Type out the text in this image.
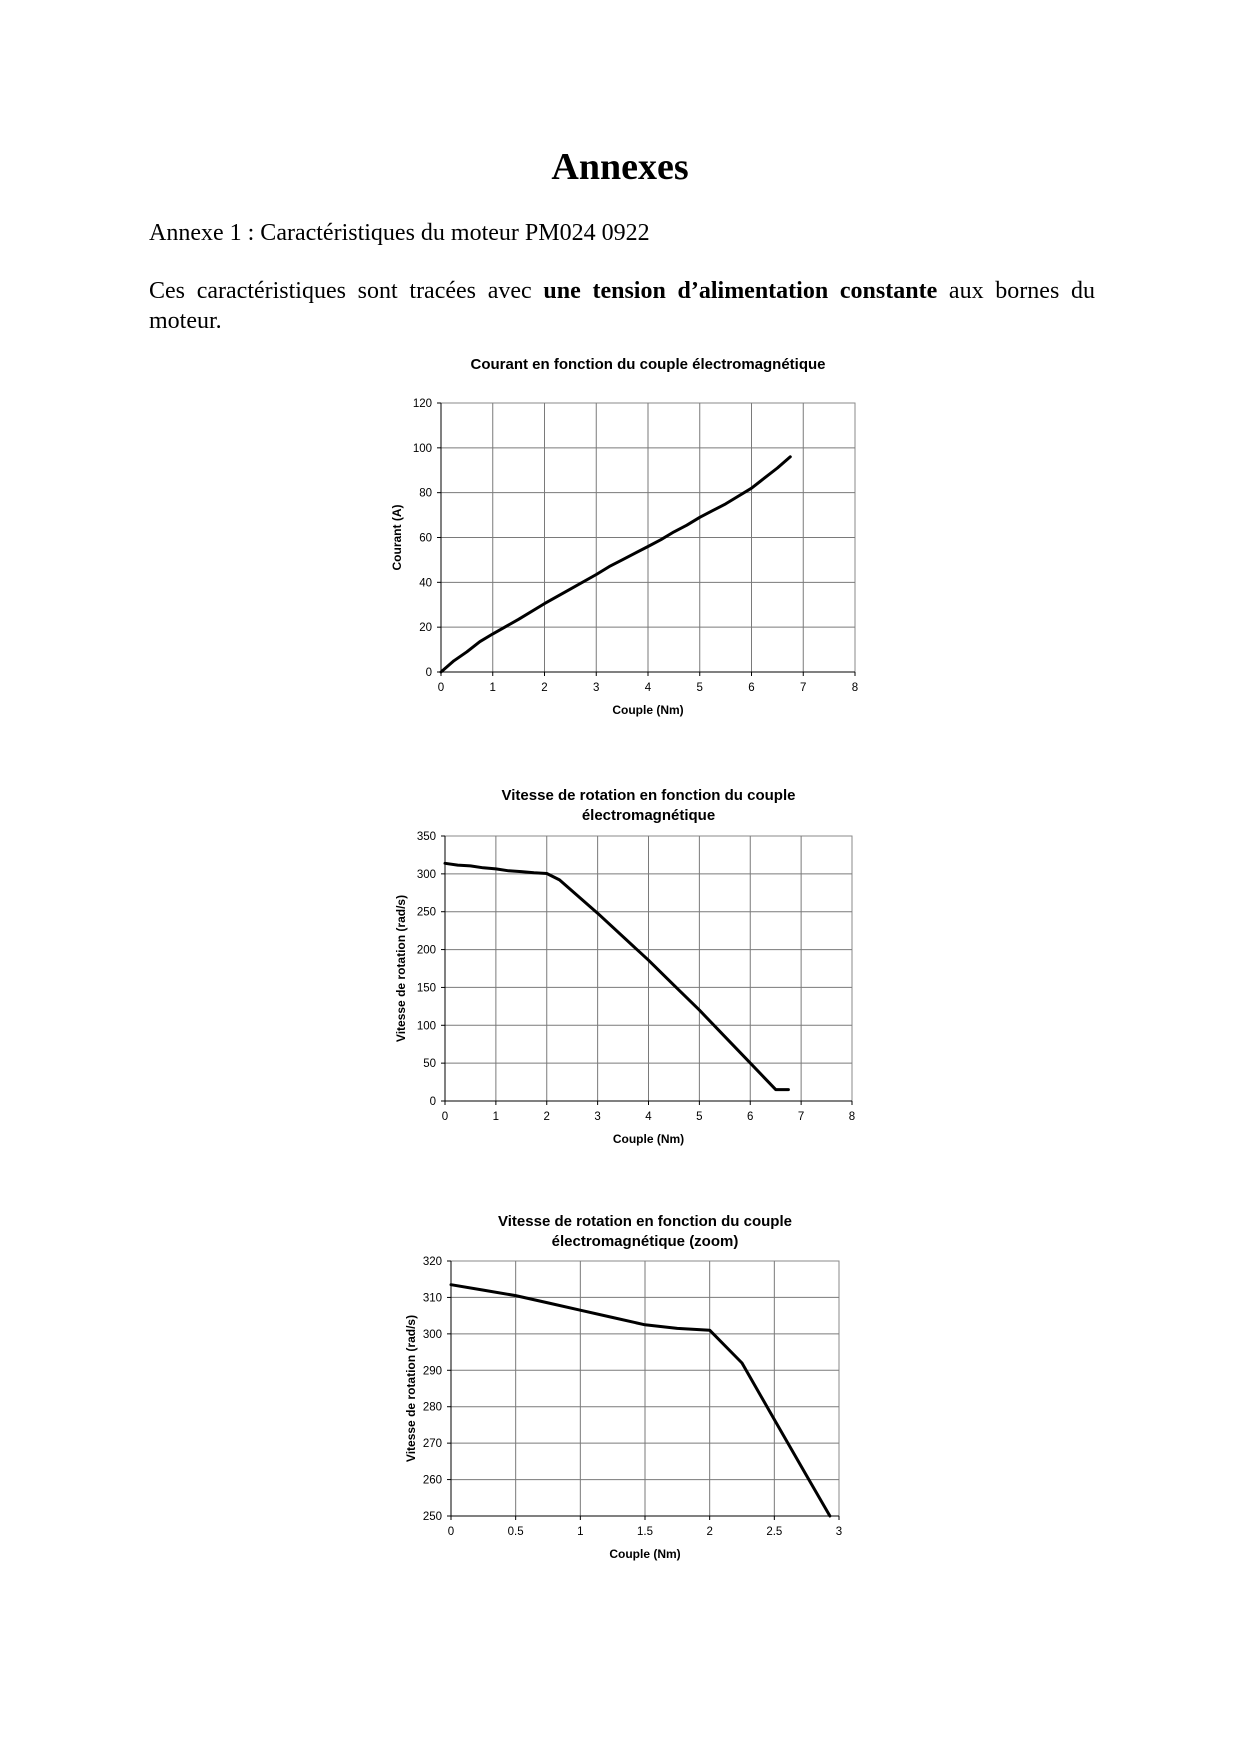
Annexes

Annexe 1 : Caractéristiques du moteur PM024 0922

Ces caractéristiques sont tracées avec une tension d’alimentation constante aux bornes du moteur.

Courant en fonction du couple électromagnétique
0	1	2	3	4	5	6	7	8
0
20
40
60
80
100
120
Couple (Nm)
Courant (A)
Vitesse de rotation en fonction du couple
électromagnétique
0	1	2	3	4	5	6	7	8
0
50
100
150
200
250
300
350
Couple (Nm)
Vitesse de rotation (rad/s)
Vitesse de rotation en fonction du couple
électromagnétique (zoom)
0	0.5	1	1.5	2	2.5	3
250
260
270
280
290
300
310
320
Couple (Nm)
Vitesse de rotation (rad/s)
